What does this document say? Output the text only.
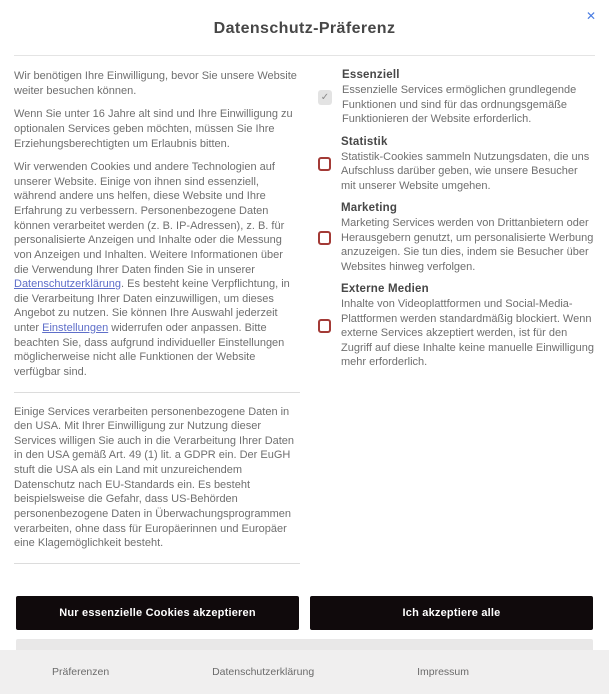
Datenschutz-Präferenz
✕

Wir benötigen Ihre Einwilligung, bevor Sie unsere Website weiter besuchen können.

Wenn Sie unter 16 Jahre alt sind und Ihre Einwilligung zu optionalen Services geben möchten, müssen Sie Ihre Erziehungsberechtigten um Erlaubnis bitten.

Wir verwenden Cookies und andere Technologien auf unserer Website. Einige von ihnen sind essenziell, während andere uns helfen, diese Website und Ihre Erfahrung zu verbessern. Personenbezogene Daten können verarbeitet werden (z. B. IP-Adressen), z. B. für personalisierte Anzeigen und Inhalte oder die Messung von Anzeigen und Inhalten. Weitere Informationen über die Verwendung Ihrer Daten finden Sie in unserer Datenschutzerklärung. Es besteht keine Verpflichtung, in die Verarbeitung Ihrer Daten einzuwilligen, um dieses Angebot zu nutzen. Sie können Ihre Auswahl jederzeit unter Einstellungen widerrufen oder anpassen. Bitte beachten Sie, dass aufgrund individueller Einstellungen möglicherweise nicht alle Funktionen der Website verfügbar sind.

Einige Services verarbeiten personenbezogene Daten in den USA. Mit Ihrer Einwilligung zur Nutzung dieser Services willigen Sie auch in die Verarbeitung Ihrer Daten in den USA gemäß Art. 49 (1) lit. a GDPR ein. Der EuGH stuft die USA als ein Land mit unzureichendem Datenschutz nach EU-Standards ein. Es besteht beispielsweise die Gefahr, dass US-Behörden personenbezogene Daten in Überwachungsprogrammen verarbeiten, ohne dass für Europäerinnen und Europäer eine Klagemöglichkeit besteht.

✓
Essenziell
Essenzielle Services ermöglichen grundlegende Funktionen und sind für das ordnungsgemäße Funktionieren der Website erforderlich.
Statistik
Statistik-Cookies sammeln Nutzungsdaten, die uns Aufschluss darüber geben, wie unsere Besucher mit unserer Website umgehen.
Marketing
Marketing Services werden von Drittanbietern oder Herausgebern genutzt, um personalisierte Werbung anzuzeigen. Sie tun dies, indem sie Besucher über Websites hinweg verfolgen.
Externe Medien
Inhalte von Videoplattformen und Social-Media-Plattformen werden standardmäßig blockiert. Wenn externe Services akzeptiert werden, ist für den Zugriff auf diese Inhalte keine manuelle Einwilligung mehr erforderlich.
Nur essenzielle Cookies akzeptieren	Ich akzeptiere alle
Präferenzen	Datenschutzerklärung	Impressum
